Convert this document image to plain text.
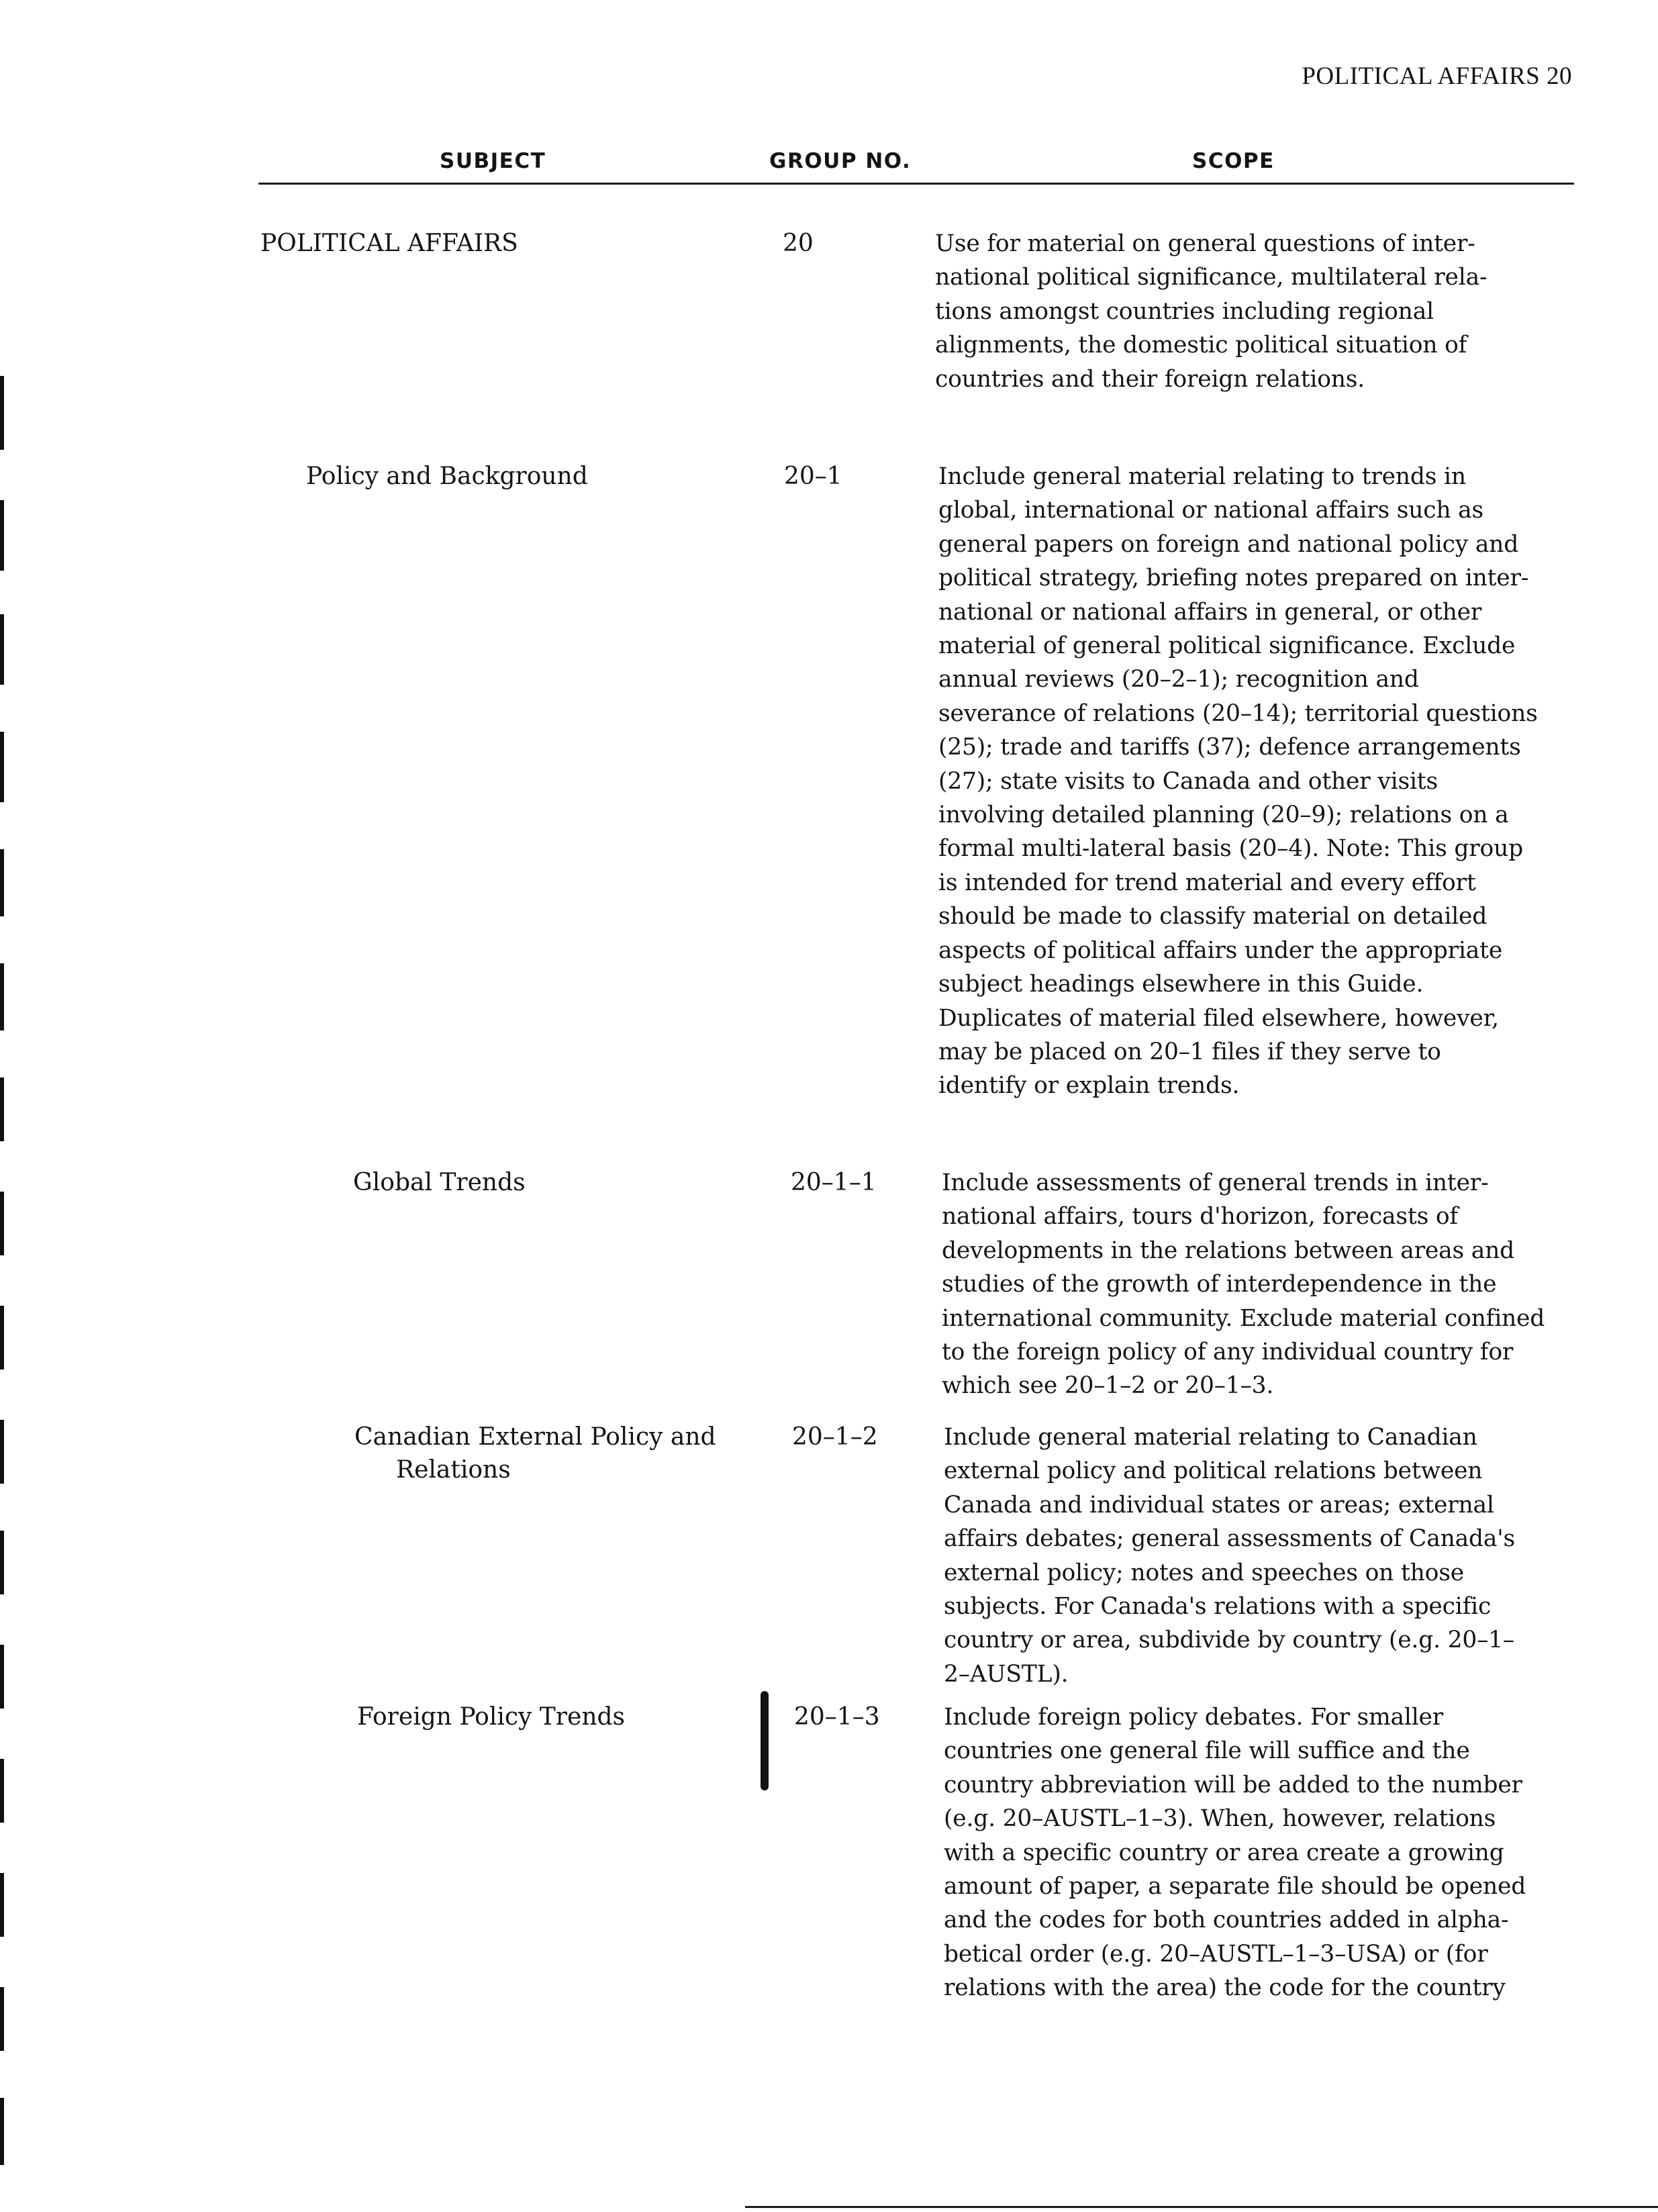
POLITICAL AFFAIRS 20
SUBJECT	GROUP NO.	SCOPE
POLITICAL AFFAIRS	20	Use for material on general questions of inter-
national political significance, multilateral rela-
tions amongst countries including regional
alignments, the domestic political situation of
countries and their foreign relations.
Policy and Background	20–1	Include general material relating to trends in
global, international or national affairs such as
general papers on foreign and national policy and
political strategy, briefing notes prepared on inter-
national or national affairs in general, or other
material of general political significance. Exclude
annual reviews (20–2–1); recognition and
severance of relations (20–14); territorial questions
(25); trade and tariffs (37); defence arrangements
(27); state visits to Canada and other visits
involving detailed planning (20–9); relations on a
formal multi-lateral basis (20–4). Note: This group
is intended for trend material and every effort
should be made to classify material on detailed
aspects of political affairs under the appropriate
subject headings elsewhere in this Guide.
Duplicates of material filed elsewhere, however,
may be placed on 20–1 files if they serve to
identify or explain trends.
Global Trends	20–1–1	Include assessments of general trends in inter-
national affairs, tours d'horizon, forecasts of
developments in the relations between areas and
studies of the growth of interdependence in the
international community. Exclude material confined
to the foreign policy of any individual country for
which see 20–1–2 or 20–1–3.
Canadian External Policy and
Relations
20–1–2	Include general material relating to Canadian
external policy and political relations between
Canada and individual states or areas; external
affairs debates; general assessments of Canada's
external policy; notes and speeches on those
subjects. For Canada's relations with a specific
country or area, subdivide by country (e.g. 20–1–
2–AUSTL).
Foreign Policy Trends	20–1–3	Include foreign policy debates. For smaller
countries one general file will suffice and the
country abbreviation will be added to the number
(e.g. 20–AUSTL–1–3). When, however, relations
with a specific country or area create a growing
amount of paper, a separate file should be opened
and the codes for both countries added in alpha-
betical order (e.g. 20–AUSTL–1–3–USA) or (for
relations with the area) the code for the country
